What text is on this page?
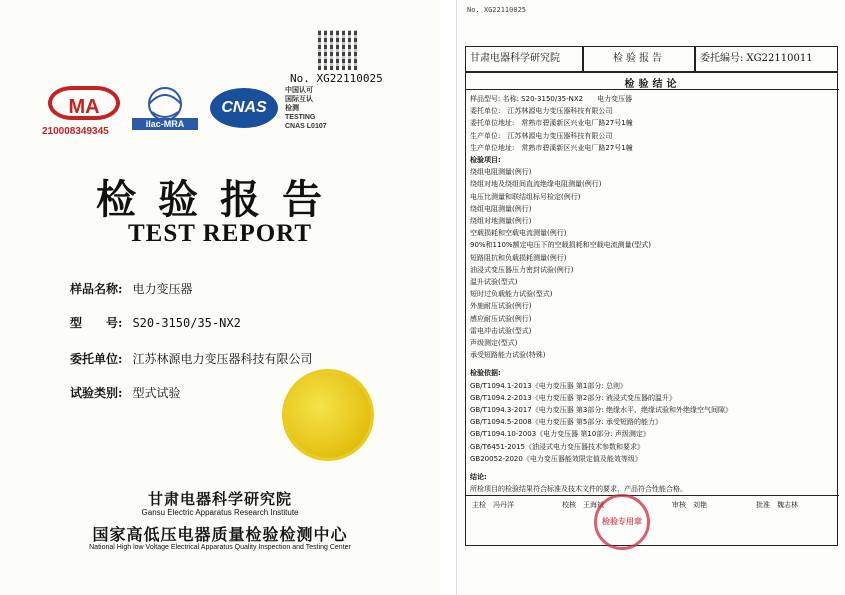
No. XG22110025
MA
210008349345
ilac-MRA
CNAS
中国认可
国际互认
检测
TESTING
CNAS L0107
检验报告
TEST REPORT
样品名称: 电力变压器
型　　号: S20-3150/35-NX2
委托单位: 江苏林源电力变压器科技有限公司
试验类别: 型式试验
甘肃电器科学研究院
Gansu Electric Apparatus Research Institute
国家高低压电器质量检验检测中心
National High low Voltage Electrical Apparatus Quality Inspection and Testing Center
No. XG22110025
甘肃电器科学研究院	检验报告	委托编号: XG22110011
检验结论
样品型号: 名称: S20-3150/35-NX2　　电力变压器
委托单位:　江苏林源电力变压器科技有限公司
委托单位地址:　常熟市碧溪新区兴业电厂路27号1幢
生产单位:　江苏林源电力变压器科技有限公司
生产单位地址:　常熟市碧溪新区兴业电厂路27号1幢
检验项目:
绕组电阻测量(例行)
绕组对地及绕组间直流绝缘电阻测量(例行)
电压比测量和联结组标号检定(例行)
绕组电阻测量(例行)
绕组对地测量(例行)
空载损耗和空载电流测量(例行)
90%和110%额定电压下的空载损耗和空载电流测量(型式)
短路阻抗和负载损耗测量(例行)
油浸式变压器压力密封试验(例行)
温升试验(型式)
短时过负载能力试验(型式)
外施耐压试验(例行)
感应耐压试验(例行)
雷电冲击试验(型式)
声级测定(型式)
承受短路能力试验(特殊)
检验依据:
GB/T1094.1-2013《电力变压器 第1部分: 总则》
GB/T1094.2-2013《电力变压器 第2部分: 液浸式变压器的温升》
GB/T1094.3-2017《电力变压器 第3部分: 绝缘水平、绝缘试验和外绝缘空气间隙》
GB/T1094.5-2008《电力变压器 第5部分: 承受短路的能力》
GB/T1094.10-2003《电力变压器 第10部分: 声级测定》
GB/T6451-2015《油浸式电力变压器技术参数和要求》
GB20052-2020《电力变压器能效限定值及能效等级》
结论:
所检项目的检验结果符合标准及技术文件的要求，产品符合性能合格。
主检　 冯丹洋	校核　 王海斌	审核　 刘艳	批准　 魏志林
检验专用章
